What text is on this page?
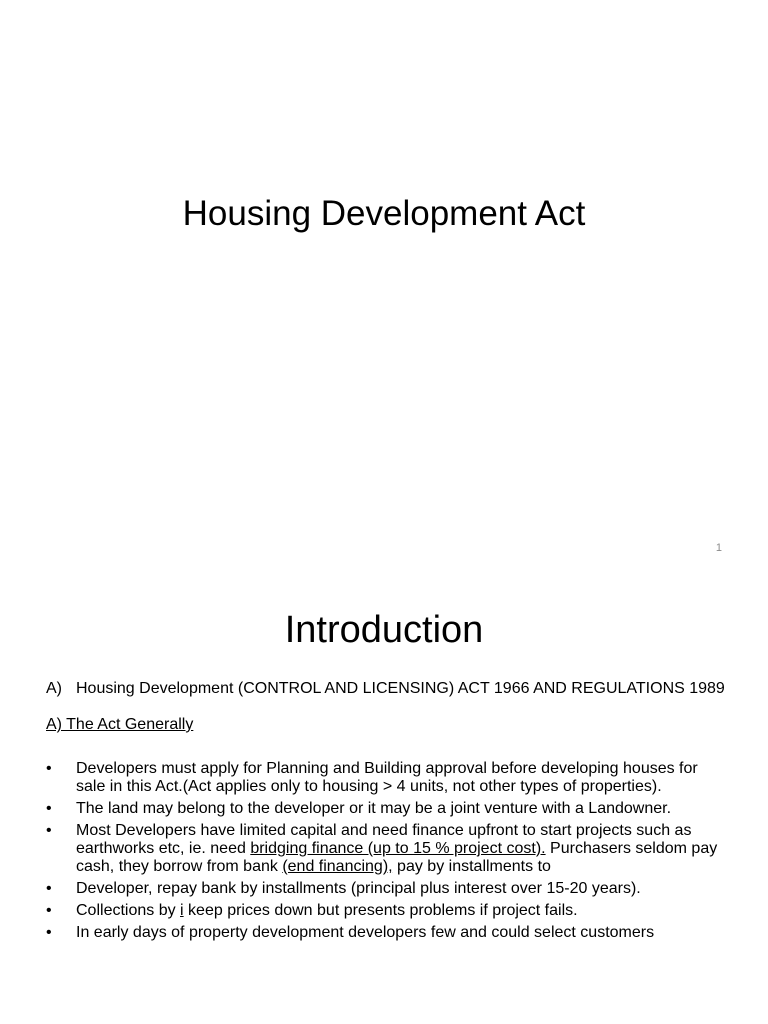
Housing Development Act
1
Introduction
A) Housing Development (CONTROL AND LICENSING) ACT 1966 AND REGULATIONS 1989
A) The Act Generally
•	Developers must apply for Planning and Building approval before developing houses for sale in this Act.(Act applies only to housing > 4 units, not other types of properties).
•	The land may belong to the developer or it may be a joint venture with a Landowner.
•	Most Developers have limited capital and need finance upfront to start projects such as earthworks etc, ie. need bridging finance (up to 15 % project cost). Purchasers seldom pay cash, they borrow from bank (end financing), pay by installments to
•	Developer, repay bank by installments (principal plus interest over 15-20 years).
•	Collections by i keep prices down but presents problems if project fails.
•	In early days of property development developers few and could select customers
